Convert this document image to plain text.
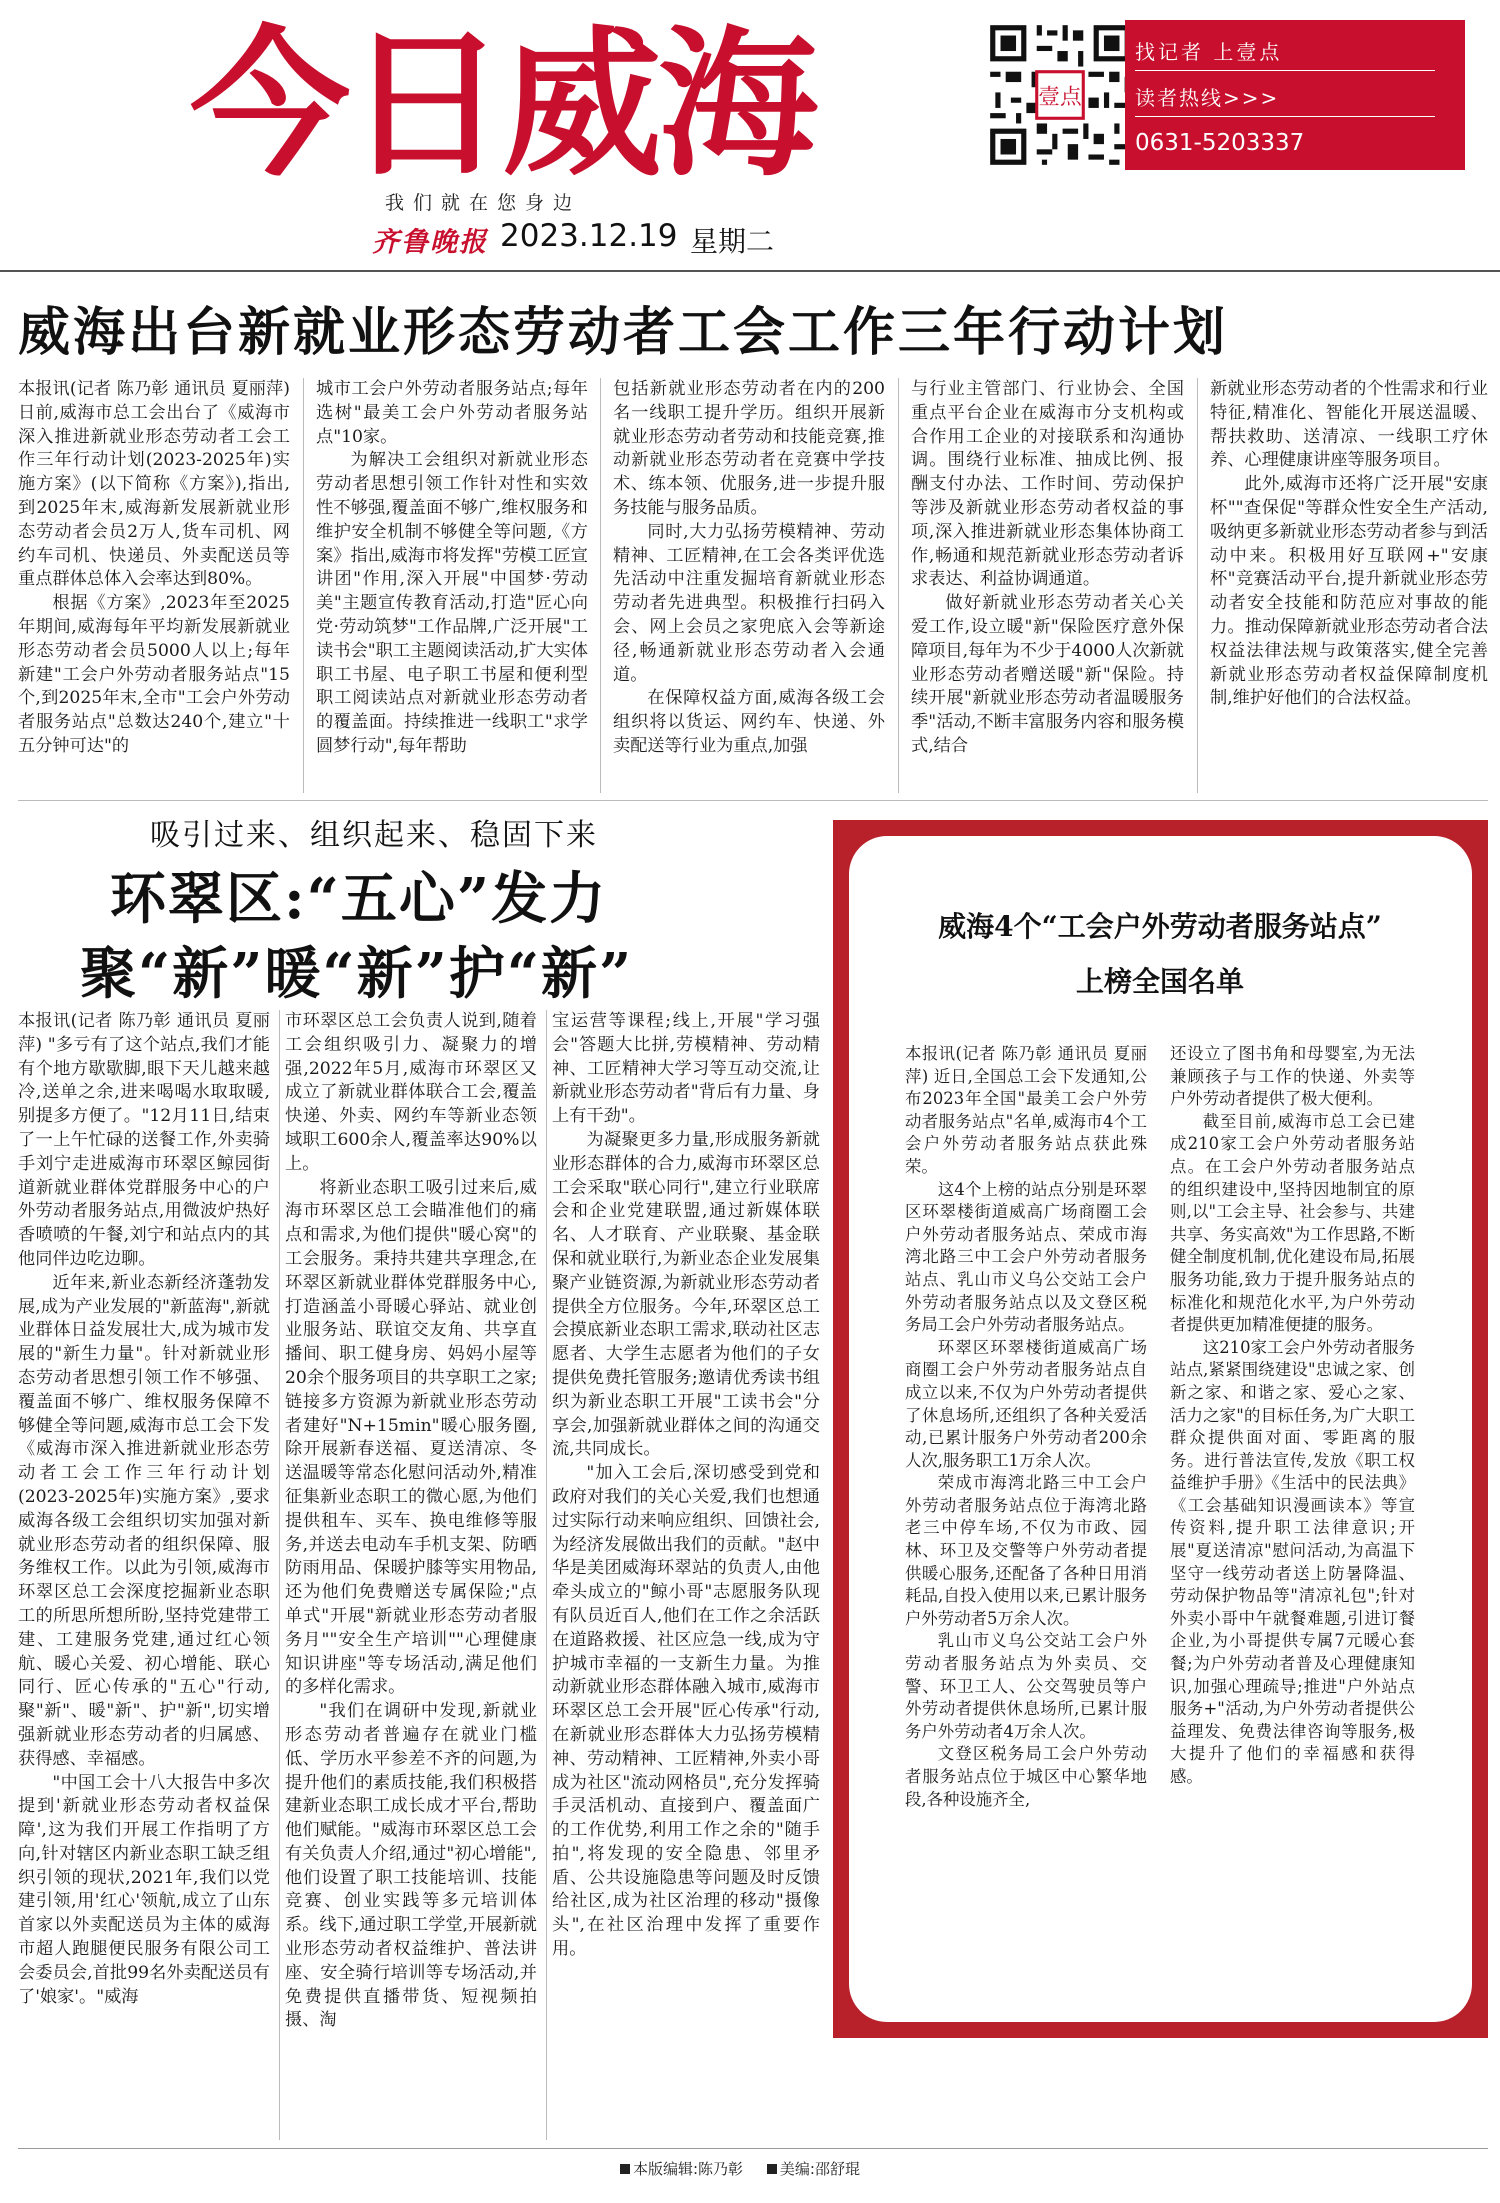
今日威海
我们就在您身边
齐鲁晚报 2023.12.19 星期二
壹点
找记者 上壹点
读者热线>>>
0631-5203337
威海出台新就业形态劳动者工会工作三年行动计划

本报讯(记者 陈乃彰 通讯员 夏丽萍) 日前,威海市总工会出台了《威海市深入推进新就业形态劳动者工会工作三年行动计划(2023-2025年)实施方案》(以下简称《方案》),指出,到2025年末,威海新发展新就业形态劳动者会员2万人,货车司机、网约车司机、快递员、外卖配送员等重点群体总体入会率达到80%。

根据《方案》,2023年至2025年期间,威海每年平均新发展新就业形态劳动者会员5000人以上;每年新建"工会户外劳动者服务站点"15个,到2025年末,全市"工会户外劳动者服务站点"总数达240个,建立"十五分钟可达"的

城市工会户外劳动者服务站点;每年选树"最美工会户外劳动者服务站点"10家。

为解决工会组织对新就业形态劳动者思想引领工作针对性和实效性不够强,覆盖面不够广,维权服务和维护安全机制不够健全等问题,《方案》指出,威海市将发挥"劳模工匠宣讲团"作用,深入开展"中国梦·劳动美"主题宣传教育活动,打造"匠心向党·劳动筑梦"工作品牌,广泛开展"工读书会"职工主题阅读活动,扩大实体职工书屋、电子职工书屋和便利型职工阅读站点对新就业形态劳动者的覆盖面。持续推进一线职工"求学圆梦行动",每年帮助

包括新就业形态劳动者在内的200名一线职工提升学历。组织开展新就业形态劳动者劳动和技能竞赛,推动新就业形态劳动者在竞赛中学技术、练本领、优服务,进一步提升服务技能与服务品质。

同时,大力弘扬劳模精神、劳动精神、工匠精神,在工会各类评优选先活动中注重发掘培育新就业形态劳动者先进典型。积极推行扫码入会、网上会员之家兜底入会等新途径,畅通新就业形态劳动者入会通道。

在保障权益方面,威海各级工会组织将以货运、网约车、快递、外卖配送等行业为重点,加强

与行业主管部门、行业协会、全国重点平台企业在威海市分支机构或合作用工企业的对接联系和沟通协调。围绕行业标准、抽成比例、报酬支付办法、工作时间、劳动保护等涉及新就业形态劳动者权益的事项,深入推进新就业形态集体协商工作,畅通和规范新就业形态劳动者诉求表达、利益协调通道。

做好新就业形态劳动者关心关爱工作,设立暖"新"保险医疗意外保障项目,每年为不少于4000人次新就业形态劳动者赠送暖"新"保险。持续开展"新就业形态劳动者温暖服务季"活动,不断丰富服务内容和服务模式,结合

新就业形态劳动者的个性需求和行业特征,精准化、智能化开展送温暖、帮扶救助、送清凉、一线职工疗休养、心理健康讲座等服务项目。

此外,威海市还将广泛开展"安康杯""查保促"等群众性安全生产活动,吸纳更多新就业形态劳动者参与到活动中来。积极用好互联网+"安康杯"竞赛活动平台,提升新就业形态劳动者安全技能和防范应对事故的能力。推动保障新就业形态劳动者合法权益法律法规与政策落实,健全完善新就业形态劳动者权益保障制度机制,维护好他们的合法权益。

吸引过来、组织起来、稳固下来
环翠区:“五心”发力
聚“新”暖“新”护“新”

本报讯(记者 陈乃彰 通讯员 夏丽萍) "多亏有了这个站点,我们才能有个地方歇歇脚,眼下天儿越来越冷,送单之余,进来喝喝水取取暖,别提多方便了。"12月11日,结束了一上午忙碌的送餐工作,外卖骑手刘宁走进威海市环翠区鲸园街道新就业群体党群服务中心的户外劳动者服务站点,用微波炉热好香喷喷的午餐,刘宁和站点内的其他同伴边吃边聊。

近年来,新业态新经济蓬勃发展,成为产业发展的"新蓝海",新就业群体日益发展壮大,成为城市发展的"新生力量"。针对新就业形态劳动者思想引领工作不够强、覆盖面不够广、维权服务保障不够健全等问题,威海市总工会下发《威海市深入推进新就业形态劳动者工会工作三年行动计划(2023-2025年)实施方案》,要求威海各级工会组织切实加强对新就业形态劳动者的组织保障、服务维权工作。以此为引领,威海市环翠区总工会深度挖掘新业态职工的所思所想所盼,坚持党建带工建、工建服务党建,通过红心领航、暖心关爱、初心增能、联心同行、匠心传承的"五心"行动,聚"新"、暖"新"、护"新",切实增强新就业形态劳动者的归属感、获得感、幸福感。

"中国工会十八大报告中多次提到'新就业形态劳动者权益保障',这为我们开展工作指明了方向,针对辖区内新业态职工缺乏组织引领的现状,2021年,我们以党建引领,用'红心'领航,成立了山东首家以外卖配送员为主体的威海市超人跑腿便民服务有限公司工会委员会,首批99名外卖配送员有了'娘家'。"威海

市环翠区总工会负责人说到,随着工会组织吸引力、凝聚力的增强,2022年5月,威海市环翠区又成立了新就业群体联合工会,覆盖快递、外卖、网约车等新业态领域职工600余人,覆盖率达90%以上。

将新业态职工吸引过来后,威海市环翠区总工会瞄准他们的痛点和需求,为他们提供"暖心窝"的工会服务。秉持共建共享理念,在环翠区新就业群体党群服务中心,打造涵盖小哥暖心驿站、就业创业服务站、联谊交友角、共享直播间、职工健身房、妈妈小屋等20余个服务项目的共享职工之家;链接多方资源为新就业形态劳动者建好"N+15min"暖心服务圈,除开展新春送福、夏送清凉、冬送温暖等常态化慰问活动外,精准征集新业态职工的微心愿,为他们提供租车、买车、换电维修等服务,并送去电动车手机支架、防晒防雨用品、保暖护膝等实用物品,还为他们免费赠送专属保险;"点单式"开展"新就业形态劳动者服务月""安全生产培训""心理健康知识讲座"等专场活动,满足他们的多样化需求。

"我们在调研中发现,新就业形态劳动者普遍存在就业门槛低、学历水平参差不齐的问题,为提升他们的素质技能,我们积极搭建新业态职工成长成才平台,帮助他们赋能。"威海市环翠区总工会有关负责人介绍,通过"初心增能",他们设置了职工技能培训、技能竞赛、创业实践等多元培训体系。线下,通过职工学堂,开展新就业形态劳动者权益维护、普法讲座、安全骑行培训等专场活动,并免费提供直播带货、短视频拍摄、淘

宝运营等课程;线上,开展"学习强会"答题大比拼,劳模精神、劳动精神、工匠精神大学习等互动交流,让新就业形态劳动者"背后有力量、身上有干劲"。

为凝聚更多力量,形成服务新就业形态群体的合力,威海市环翠区总工会采取"联心同行",建立行业联席会和企业党建联盟,通过新媒体联名、人才联育、产业联聚、基金联保和就业联行,为新业态企业发展集聚产业链资源,为新就业形态劳动者提供全方位服务。今年,环翠区总工会摸底新业态职工需求,联动社区志愿者、大学生志愿者为他们的子女提供免费托管服务;邀请优秀读书组织为新业态职工开展"工读书会"分享会,加强新就业群体之间的沟通交流,共同成长。

"加入工会后,深切感受到党和政府对我们的关心关爱,我们也想通过实际行动来响应组织、回馈社会,为经济发展做出我们的贡献。"赵中华是美团威海环翠站的负责人,由他牵头成立的"鲸小哥"志愿服务队现有队员近百人,他们在工作之余活跃在道路救援、社区应急一线,成为守护城市幸福的一支新生力量。为推动新就业形态群体融入城市,威海市环翠区总工会开展"匠心传承"行动,在新就业形态群体大力弘扬劳模精神、劳动精神、工匠精神,外卖小哥成为社区"流动网格员",充分发挥骑手灵活机动、直接到户、覆盖面广的工作优势,利用工作之余的"随手拍",将发现的安全隐患、邻里矛盾、公共设施隐患等问题及时反馈给社区,成为社区治理的移动"摄像头",在社区治理中发挥了重要作用。

威海4个“工会户外劳动者服务站点”
上榜全国名单

本报讯(记者 陈乃彰 通讯员 夏丽萍) 近日,全国总工会下发通知,公布2023年全国"最美工会户外劳动者服务站点"名单,威海市4个工会户外劳动者服务站点获此殊荣。

这4个上榜的站点分别是环翠区环翠楼街道威高广场商圈工会户外劳动者服务站点、荣成市海湾北路三中工会户外劳动者服务站点、乳山市义乌公交站工会户外劳动者服务站点以及文登区税务局工会户外劳动者服务站点。

环翠区环翠楼街道威高广场商圈工会户外劳动者服务站点自成立以来,不仅为户外劳动者提供了休息场所,还组织了各种关爱活动,已累计服务户外劳动者200余人次,服务职工1万余人次。

荣成市海湾北路三中工会户外劳动者服务站点位于海湾北路老三中停车场,不仅为市政、园林、环卫及交警等户外劳动者提供暖心服务,还配备了各种日用消耗品,自投入使用以来,已累计服务户外劳动者5万余人次。

乳山市义乌公交站工会户外劳动者服务站点为外卖员、交警、环卫工人、公交驾驶员等户外劳动者提供休息场所,已累计服务户外劳动者4万余人次。

文登区税务局工会户外劳动者服务站点位于城区中心繁华地段,各种设施齐全,

还设立了图书角和母婴室,为无法兼顾孩子与工作的快递、外卖等户外劳动者提供了极大便利。

截至目前,威海市总工会已建成210家工会户外劳动者服务站点。在工会户外劳动者服务站点的组织建设中,坚持因地制宜的原则,以"工会主导、社会参与、共建共享、务实高效"为工作思路,不断健全制度机制,优化建设布局,拓展服务功能,致力于提升服务站点的标准化和规范化水平,为户外劳动者提供更加精准便捷的服务。

这210家工会户外劳动者服务站点,紧紧围绕建设"忠诚之家、创新之家、和谐之家、爱心之家、活力之家"的目标任务,为广大职工群众提供面对面、零距离的服务。进行普法宣传,发放《职工权益维护手册》《生活中的民法典》《工会基础知识漫画读本》等宣传资料,提升职工法律意识;开展"夏送清凉"慰问活动,为高温下坚守一线劳动者送上防暑降温、劳动保护物品等"清凉礼包";针对外卖小哥中午就餐难题,引进订餐企业,为小哥提供专属7元暖心套餐;为户外劳动者普及心理健康知识,加强心理疏导;推进"户外站点服务+"活动,为户外劳动者提供公益理发、免费法律咨询等服务,极大提升了他们的幸福感和获得感。

本版编辑:陈乃彰 美编:邵舒琨
